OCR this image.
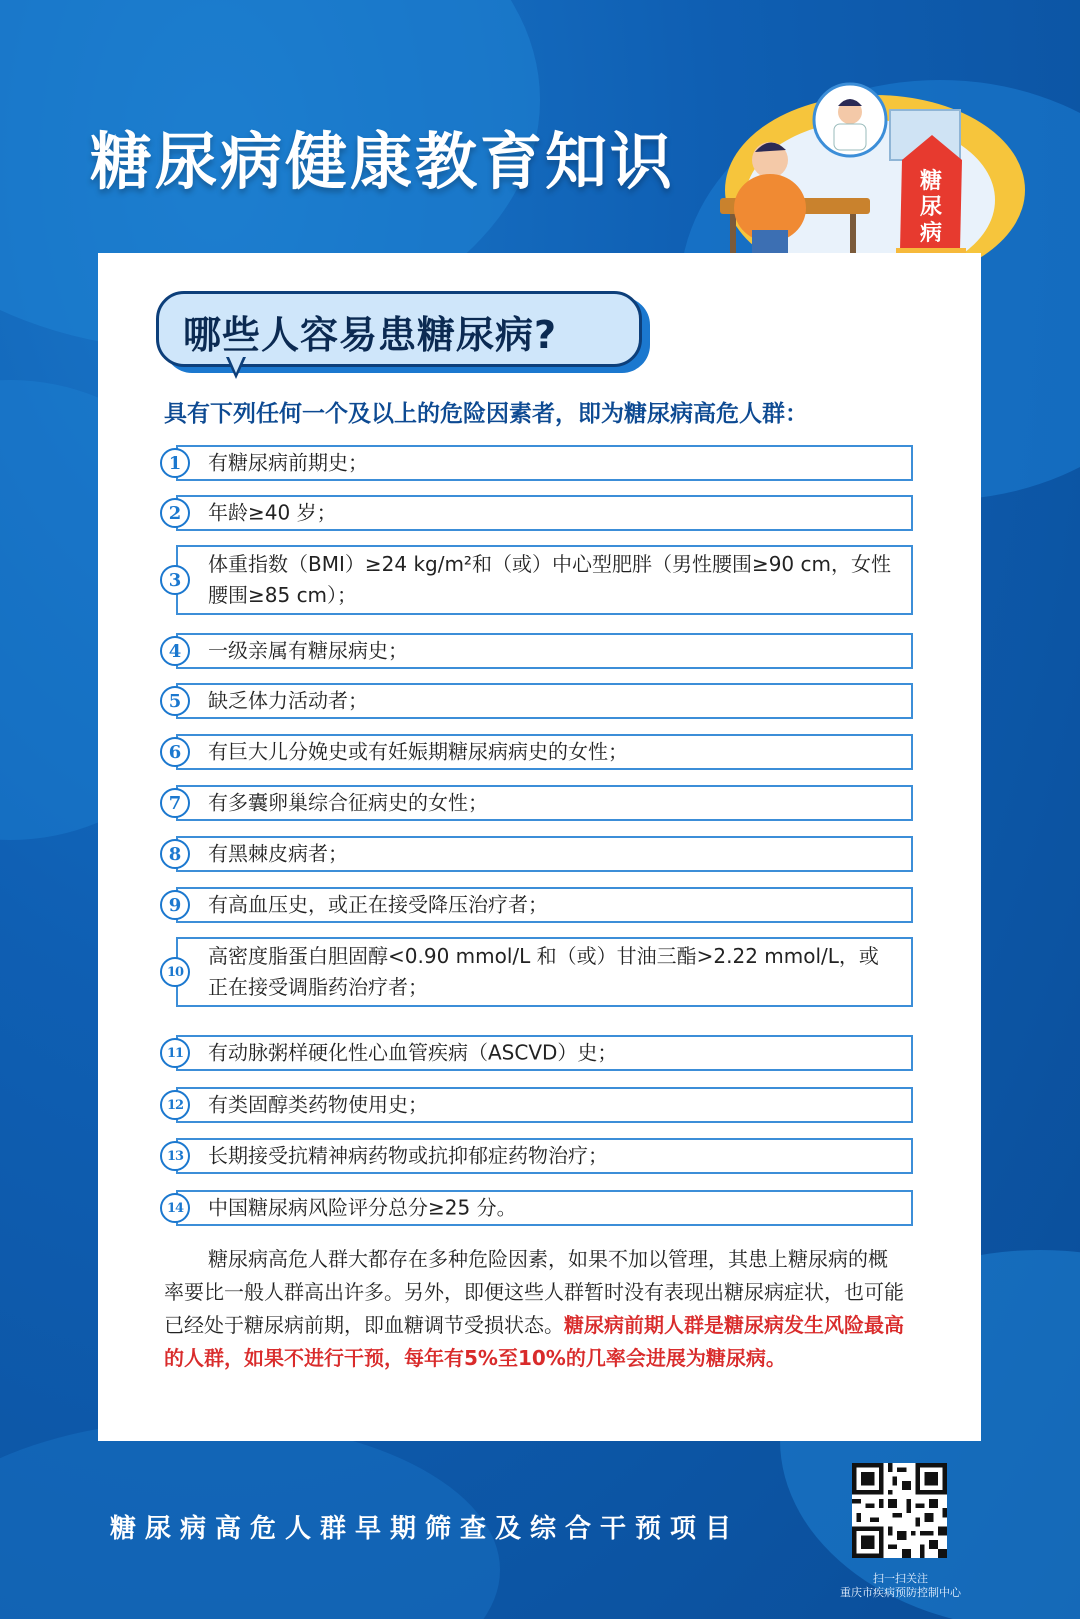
糖尿病健康教育知识	糖
尿
病
哪些人容易患糖尿病?
具有下列任何一个及以上的危险因素者，即为糖尿病高危人群：
1	有糖尿病前期史；
2	年龄≥40 岁；
3
体重指数（BMI）≥24 kg/m²和（或）中心型肥胖（男性腰围≥90 cm，女性腰围≥85 cm）；
4	一级亲属有糖尿病史；
5	缺乏体力活动者；
6	有巨大儿分娩史或有妊娠期糖尿病病史的女性；
7	有多囊卵巢综合征病史的女性；
8	有黑棘皮病者；
9	有高血压史，或正在接受降压治疗者；
10
高密度脂蛋白胆固醇<0.90 mmol/L 和（或）甘油三酯>2.22 mmol/L，或正在接受调脂药治疗者；
11	有动脉粥样硬化性心血管疾病（ASCVD）史；
12	有类固醇类药物使用史；
13	长期接受抗精神病药物或抗抑郁症药物治疗；
14	中国糖尿病风险评分总分≥25 分。
糖尿病高危人群大都存在多种危险因素，如果不加以管理，其患上糖尿病的概率要比一般人群高出许多。另外，即便这些人群暂时没有表现出糖尿病症状，也可能已经处于糖尿病前期，即血糖调节受损状态。糖尿病前期人群是糖尿病发生风险最高的人群，如果不进行干预，每年有5%至10%的几率会进展为糖尿病。
糖尿病高危人群早期筛查及综合干预项目
扫一扫关注
重庆市疾病预防控制中心
